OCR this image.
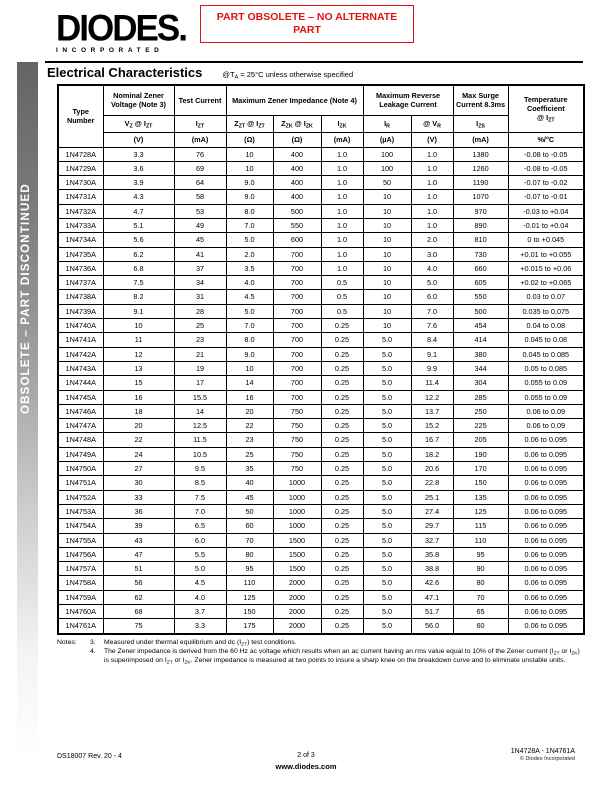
OBSOLETE – PART DISCONTINUED
DIODES.
INCORPORATED
PART OBSOLETE – NO ALTERNATE PART
Electrical Characteristics	$@T_A = 25^\circ C$ unless otherwise specified
Type Number	Nominal Zener Voltage (Note 3)	Test Current	Maximum Zener Impedance (Note 4)			Maximum Reverse Leakage Current		Max Surge Current 8.3ms	Temperature Coefficient
@ $I_{ZT}$

	$V_Z$ @ $I_{ZT}$	$I_{ZT}$	$Z_{ZT}$ @ $I_{ZT}$	$Z_{ZK}$ @ $I_{ZK}$	$I_{ZK}$	$I_R$	@ $V_R$	$I_{ZS}$
	(V)	(mA)	(Ω)	(Ω)	(mA)	(µA)	(V)	(mA)	%/°C
1N4728A	3.3	76	10	400	1.0	100	1.0	1380	-0.08 to -0.05
1N4729A	3.6	69	10	400	1.0	100	1.0	1260	-0.08 to -0.05
1N4730A	3.9	64	9.0	400	1.0	50	1.0	1190	-0.07 to -0.02
1N4731A	4.3	58	9.0	400	1.0	10	1.0	1070	-0.07 to -0.01
1N4732A	4.7	53	8.0	500	1.0	10	1.0	970	-0.03 to +0.04
1N4733A	5.1	49	7.0	550	1.0	10	1.0	890	-0.01 to +0.04
1N4734A	5.6	45	5.0	600	1.0	10	2.0	810	0 to +0.045
1N4735A	6.2	41	2.0	700	1.0	10	3.0	730	+0.01 to +0.055
1N4736A	6.8	37	3.5	700	1.0	10	4.0	660	+0.015 to +0.06
1N4737A	7.5	34	4.0	700	0.5	10	5.0	605	+0.02 to +0.065
1N4738A	8.2	31	4.5	700	0.5	10	6.0	550	0.03 to 0.07
1N4739A	9.1	28	5.0	700	0.5	10	7.0	500	0.035 to 0.075
1N4740A	10	25	7.0	700	0.25	10	7.6	454	0.04 to 0.08
1N4741A	11	23	8.0	700	0.25	5.0	8.4	414	0.045 to 0.08
1N4742A	12	21	9.0	700	0.25	5.0	9.1	380	0.045 to 0.085
1N4743A	13	19	10	700	0.25	5.0	9.9	344	0.05 to 0.085
1N4744A	15	17	14	700	0.25	5.0	11.4	304	0.055 to 0.09
1N4745A	16	15.5	16	700	0.25	5.0	12.2	285	0.055 to 0.09
1N4746A	18	14	20	750	0.25	5.0	13.7	250	0.06 to 0.09
1N4747A	20	12.5	22	750	0.25	5.0	15.2	225	0.06 to 0.09
1N4748A	22	11.5	23	750	0.25	5.0	16.7	205	0.06 to 0.095
1N4749A	24	10.5	25	750	0.25	5.0	18.2	190	0.06 to 0.095
1N4750A	27	9.5	35	750	0.25	5.0	20.6	170	0.06 to 0.095
1N4751A	30	8.5	40	1000	0.25	5.0	22.8	150	0.06 to 0.095
1N4752A	33	7.5	45	1000	0.25	5.0	25.1	135	0.06 to 0.095
1N4753A	36	7.0	50	1000	0.25	5.0	27.4	125	0.06 to 0.095
1N4754A	39	6.5	60	1000	0.25	5.0	29.7	115	0.06 to 0.095
1N4755A	43	6.0	70	1500	0.25	5.0	32.7	110	0.06 to 0.095
1N4756A	47	5.5	80	1500	0.25	5.0	35.8	95	0.06 to 0.095
1N4757A	51	5.0	95	1500	0.25	5.0	38.8	90	0.06 to 0.095
1N4758A	56	4.5	110	2000	0.25	5.0	42.6	80	0.06 to 0.095
1N4759A	62	4.0	125	2000	0.25	5.0	47.1	70	0.06 to 0.095
1N4760A	68	3.7	150	2000	0.25	5.0	51.7	65	0.06 to 0.095
1N4761A	75	3.3	175	2000	0.25	5.0	56.0	60	0.06 to 0.095
Notes: 3.	Measured under thermal equilibrium and dc $(I_{ZT})$ test conditions.
4.	The Zener impedance is derived from the 60 Hz ac voltage which results when an ac current having an rms value equal to 10% of the Zener current ($I_{ZT}$ or $I_{ZK}$) is superimposed on $I_{ZT}$ or $I_{ZK}$. Zener impedance is measured at two points to insure a sharp knee on the breakdown curve and to eliminate unstable units.
DS18007 Rev. 20 - 4	2 of 3
www.diodes.com
1N4728A - 1N4761A
© Diodes Incorporated
